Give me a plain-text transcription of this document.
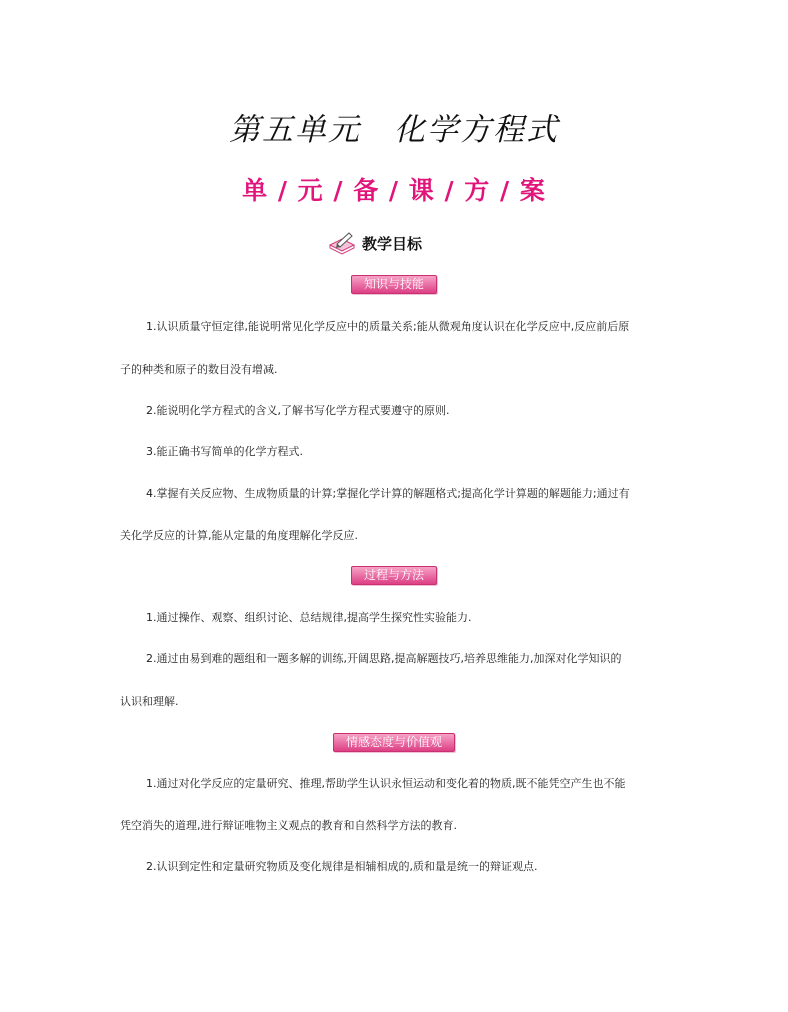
第五单元　化学方程式
单 / 元 / 备 / 课 / 方 / 案
教学目标
知识与技能
1.认识质量守恒定律,能说明常见化学反应中的质量关系;能从微观角度认识在化学反应中,反应前后原
子的种类和原子的数目没有增减.
2.能说明化学方程式的含义,了解书写化学方程式要遵守的原则.
3.能正确书写简单的化学方程式.
4.掌握有关反应物、生成物质量的计算;掌握化学计算的解题格式;提高化学计算题的解题能力;通过有
关化学反应的计算,能从定量的角度理解化学反应.
过程与方法
1.通过操作、观察、组织讨论、总结规律,提高学生探究性实验能力.
2.通过由易到难的题组和一题多解的训练,开阔思路,提高解题技巧,培养思维能力,加深对化学知识的
认识和理解.
情感态度与价值观
1.通过对化学反应的定量研究、推理,帮助学生认识永恒运动和变化着的物质,既不能凭空产生也不能
凭空消失的道理,进行辩证唯物主义观点的教育和自然科学方法的教育.
2.认识到定性和定量研究物质及变化规律是相辅相成的,质和量是统一的辩证观点.
